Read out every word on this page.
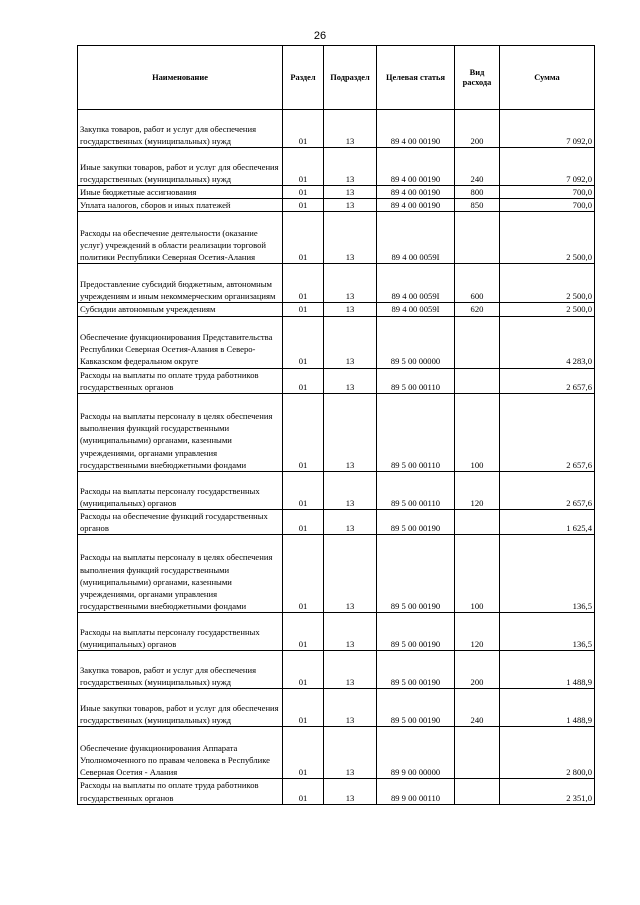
26
Наименование	Раздел	Подраздел	Целевая статья	Вид расхода	Сумма
Закупка товаров, работ и услуг для обеспечения государственных (муниципальных) нужд	01	13	89 4 00 00190	200	7 092,0
Иные закупки товаров, работ и услуг для обеспечения государственных (муниципальных) нужд	01	13	89 4 00 00190	240	7 092,0
Иные бюджетные ассигнования	01	13	89 4 00 00190	800	700,0
Уплата налогов, сборов и иных платежей	01	13	89 4 00 00190	850	700,0
Расходы на обеспечение деятельности (оказание услуг) учреждений в области реализации торговой политики Республики Северная Осетия-Алания	01	13	89 4 00 0059I		2 500,0
Предоставление субсидий бюджетным, автономным учреждениям и иным некоммерческим организациям	01	13	89 4 00 0059I	600	2 500,0
Субсидии автономным учреждениям	01	13	89 4 00 0059I	620	2 500,0
Обеспечение функционирования Представительства Республики Северная Осетия-Алания в Северо-Кавказском федеральном округе	01	13	89 5 00 00000		4 283,0
Расходы на выплаты по оплате труда работников государственных органов	01	13	89 5 00 00110		2 657,6
Расходы на выплаты персоналу в целях обеспечения выполнения функций государственными (муниципальными) органами, казенными учреждениями, органами управления государственными внебюджетными фондами	01	13	89 5 00 00110	100	2 657,6
Расходы на выплаты персоналу государственных (муниципальных) органов	01	13	89 5 00 00110	120	2 657,6
Расходы на обеспечение функций государственных органов	01	13	89 5 00 00190		1 625,4
Расходы на выплаты персоналу в целях обеспечения выполнения функций государственными (муниципальными) органами, казенными учреждениями, органами управления государственными внебюджетными фондами	01	13	89 5 00 00190	100	136,5
Расходы на выплаты персоналу государственных (муниципальных) органов	01	13	89 5 00 00190	120	136,5
Закупка товаров, работ и услуг для обеспечения государственных (муниципальных) нужд	01	13	89 5 00 00190	200	1 488,9
Иные закупки товаров, работ и услуг для обеспечения государственных (муниципальных) нужд	01	13	89 5 00 00190	240	1 488,9
Обеспечение функционирования Аппарата Уполномоченного по правам человека в Республике Северная Осетия - Алания	01	13	89 9 00 00000		2 800,0
Расходы на выплаты по оплате труда работников государственных органов	01	13	89 9 00 00110		2 351,0
